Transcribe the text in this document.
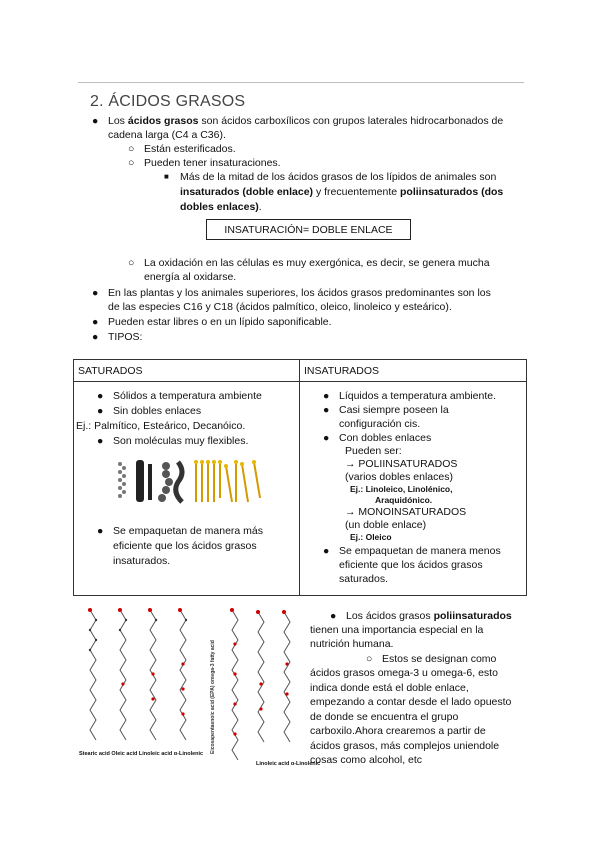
2. ÁCIDOS GRASOS
● Los ácidos grasos son ácidos carboxílicos con grupos laterales hidrocarbonados de
cadena larga (C4 a C36).
○ Están esterificados.
○ Pueden tener insaturaciones.
■ Más de la mitad de los ácidos grasos de los lípidos de animales son
insaturados (doble enlace) y frecuentemente poliinsaturados (dos
dobles enlaces).
INSATURACIÓN= DOBLE ENLACE
○ La oxidación en las células es muy exergónica, es decir, se genera mucha
energía al oxidarse.
● En las plantas y los animales superiores, los ácidos grasos predominantes son los
de las especies C16 y C18 (ácidos palmítico, oleico, linoleico y esteárico).
● Pueden estar libres o en un lípido saponificable.
● TIPOS:
SATURADOS	INSATURADOS
● Sólidos a temperatura ambiente
● Sin dobles enlaces
Ej.: Palmítico, Esteárico, Decanóico.
● Son moléculas muy flexibles.
● Se empaquetan de manera más
eficiente que los ácidos grasos
insaturados.
● Líquidos a temperatura ambiente.
● Casi siempre poseen la
configuración cis.
● Con dobles enlaces
Pueden ser:
→ POLIINSATURADOS
(varios dobles enlaces)
Ej.: Linoleico, Linolénico,
Araquidónico.
→ MONOINSATURADOS
(un doble enlace)
Ej.: Oleico
● Se empaquetan de manera menos
eficiente que los ácidos grasos
saturados.
Stearic acid Oleic acid Linoleic acid α-Linolenic Eicosapentaenoic acid (EPA) omega-3 fatty acid
Linoleic acid α-Linolenic
● Los ácidos grasos poliinsaturados
tienen una importancia especial en la
nutrición humana.
○ Estos se designan como
ácidos grasos omega-3 u omega-6, esto
indica donde está el doble enlace,
empezando a contar desde el lado opuesto
de donde se encuentra el grupo
carboxilo.Ahora crearemos a partir de
ácidos grasos, más complejos uniendole
cosas como alcohol, etc
